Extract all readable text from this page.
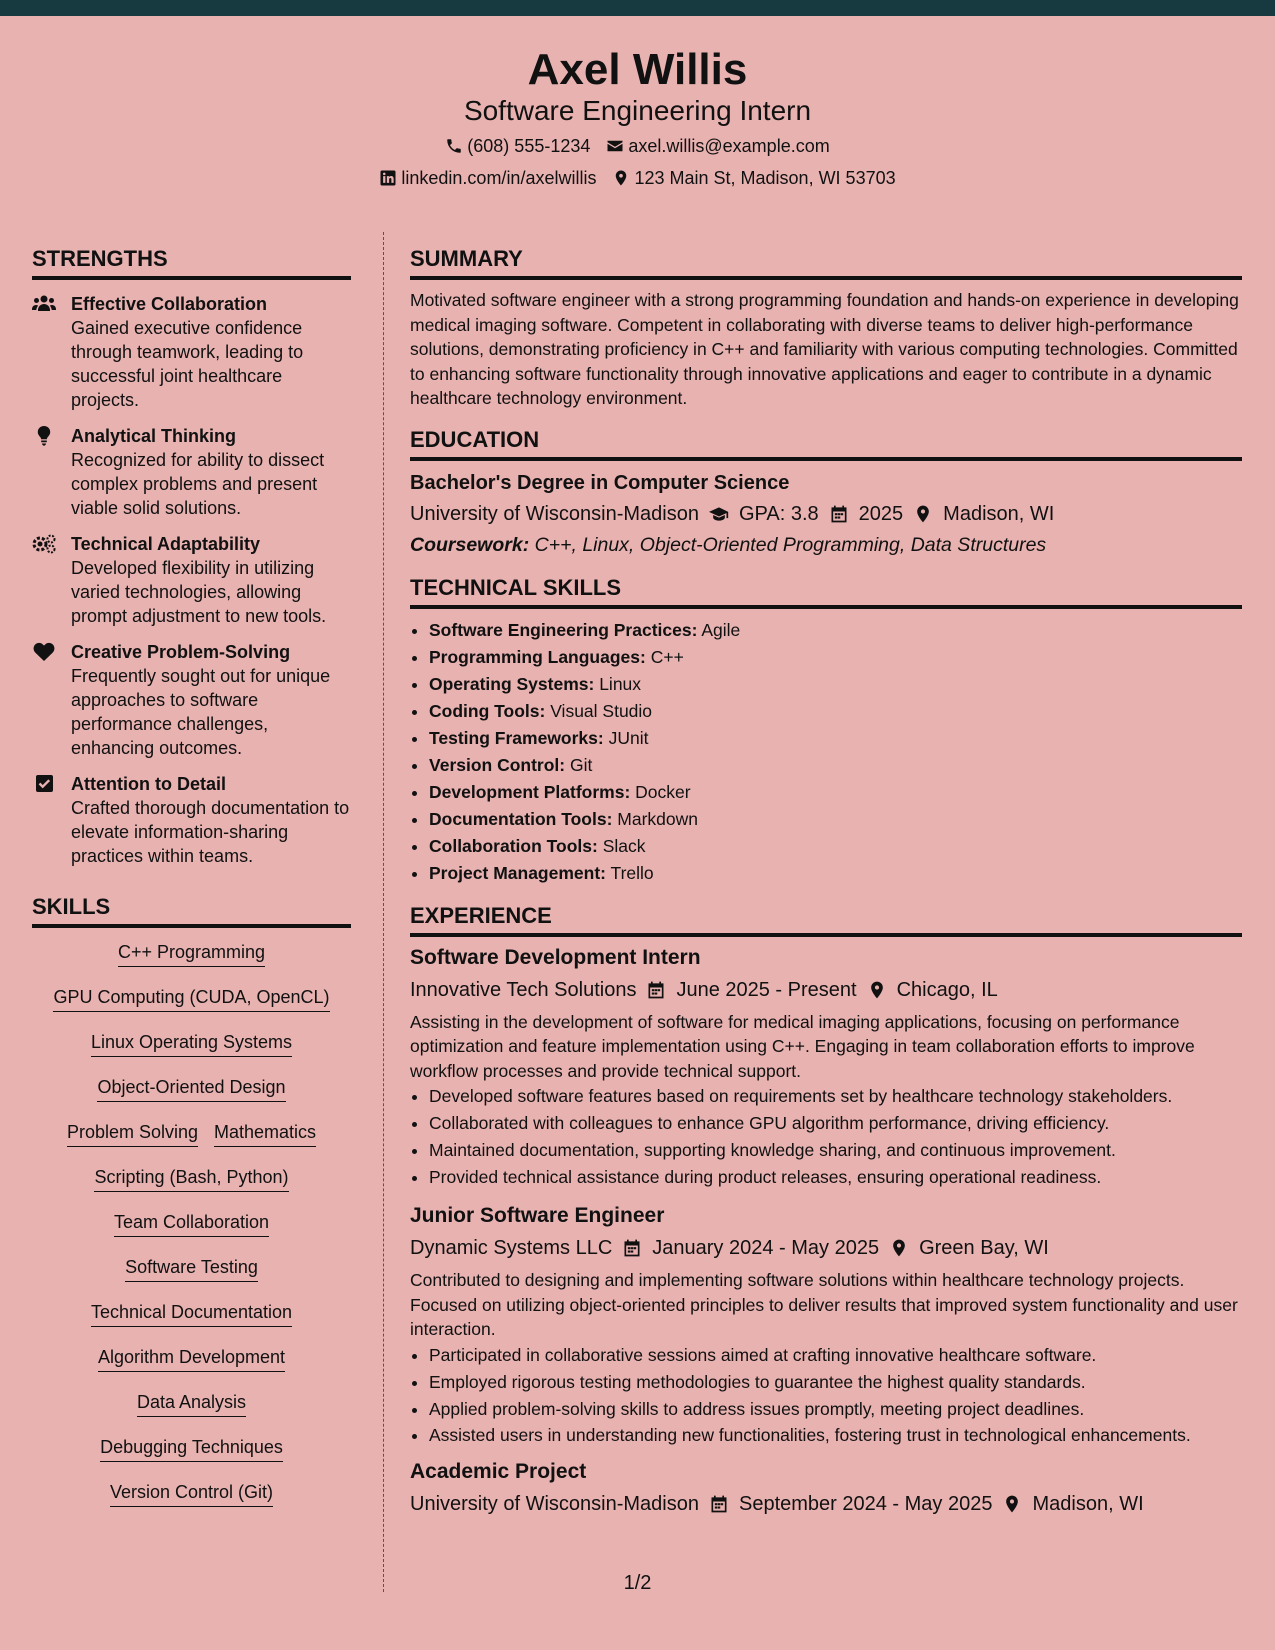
Axel Willis
Software Engineering Intern
(608) 555-1234 axel.willis@example.com
linkedin.com/in/axelwillis 123 Main St, Madison, WI 53703
STRENGTHS
Effective Collaboration
Gained executive confidence through teamwork, leading to successful joint healthcare projects.
Analytical Thinking
Recognized for ability to dissect complex problems and present viable solid solutions.
Technical Adaptability
Developed flexibility in utilizing varied technologies, allowing prompt adjustment to new tools.
Creative Problem-Solving
Frequently sought out for unique approaches to software performance challenges, enhancing outcomes.
Attention to Detail
Crafted thorough documentation to elevate information-sharing practices within teams.
SKILLS
C++ Programming
GPU Computing (CUDA, OpenCL)
Linux Operating Systems
Object-Oriented Design
Problem Solving Mathematics
Scripting (Bash, Python)
Team Collaboration
Software Testing
Technical Documentation
Algorithm Development
Data Analysis
Debugging Techniques
Version Control (Git)
SUMMARY
Motivated software engineer with a strong programming foundation and hands-on experience in developing medical imaging software. Competent in collaborating with diverse teams to deliver high-performance solutions, demonstrating proficiency in C++ and familiarity with various computing technologies. Committed to enhancing software functionality through innovative applications and eager to contribute in a dynamic healthcare technology environment.
EDUCATION
Bachelor's Degree in Computer Science
University of Wisconsin-Madison GPA: 3.8 2025 Madison, WI
Coursework: C++, Linux, Object-Oriented Programming, Data Structures
TECHNICAL SKILLS
• Software Engineering Practices: Agile
• Programming Languages: C++
• Operating Systems: Linux
• Coding Tools: Visual Studio
• Testing Frameworks: JUnit
• Version Control: Git
• Development Platforms: Docker
• Documentation Tools: Markdown
• Collaboration Tools: Slack
• Project Management: Trello
EXPERIENCE
Software Development Intern
Innovative Tech Solutions June 2025 - Present Chicago, IL
Assisting in the development of software for medical imaging applications, focusing on performance optimization and feature implementation using C++. Engaging in team collaboration efforts to improve workflow processes and provide technical support.
• Developed software features based on requirements set by healthcare technology stakeholders.
• Collaborated with colleagues to enhance GPU algorithm performance, driving efficiency.
• Maintained documentation, supporting knowledge sharing, and continuous improvement.
• Provided technical assistance during product releases, ensuring operational readiness.
Junior Software Engineer
Dynamic Systems LLC January 2024 - May 2025 Green Bay, WI
Contributed to designing and implementing software solutions within healthcare technology projects. Focused on utilizing object-oriented principles to deliver results that improved system functionality and user interaction.
• Participated in collaborative sessions aimed at crafting innovative healthcare software.
• Employed rigorous testing methodologies to guarantee the highest quality standards.
• Applied problem-solving skills to address issues promptly, meeting project deadlines.
• Assisted users in understanding new functionalities, fostering trust in technological enhancements.
Academic Project
University of Wisconsin-Madison September 2024 - May 2025 Madison, WI
1/2
